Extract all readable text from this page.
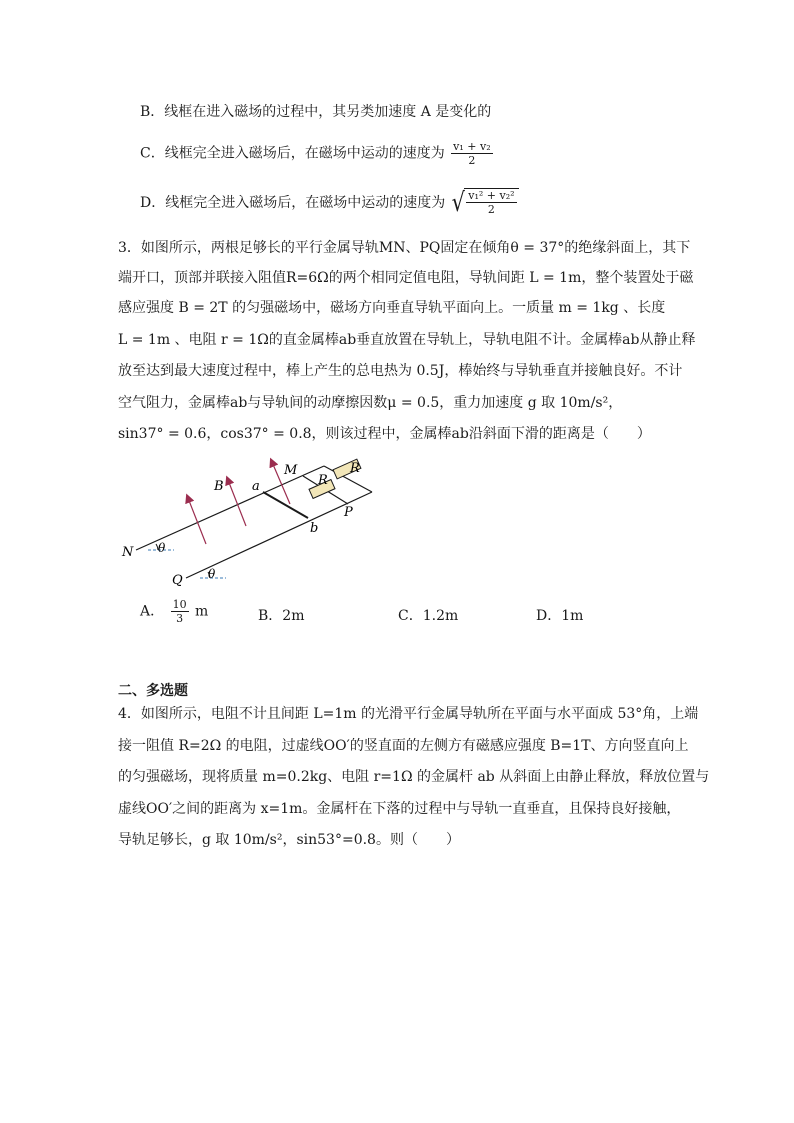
B．线框在进入磁场的过程中，其另类加速度 A 是变化的
C．线框完全进入磁场后，在磁场中运动的速度为 $\frac{\text{v₁ + v₂}}{2}$
D．线框完全进入磁场后，在磁场中运动的速度为 √ $\frac{\text{v₁² + v₂²}}{2}$
3．如图所示，两根足够长的平行金属导轨MN、PQ固定在倾角θ = 37°的绝缘斜面上，其下
端开口，顶部并联接入阻值R=6Ω的两个相同定值电阻，导轨间距 L = 1m，整个装置处于磁
感应强度 B = 2T 的匀强磁场中，磁场方向垂直导轨平面向上。一质量 m = 1kg 、长度
L = 1m 、电阻 r = 1Ω的直金属棒ab垂直放置在导轨上，导轨电阻不计。金属棒ab从静止释
放至达到最大速度过程中，棒上产生的总电热为 0.5J，棒始终与导轨垂直并接触良好。不计
空气阻力，金属棒ab与导轨间的动摩擦因数μ = 0.5，重力加速度 g 取 10m/s²，
sin37° = 0.6，cos37° = 0.8，则该过程中，金属棒ab沿斜面下滑的距离是（　　）
N
Q
M
P
a
b
B
R
R
θ
θ
A． $\frac{10}{3}$ m	B．2m	C．1.2m	D．1m
二、多选题
4．如图所示，电阻不计且间距 L=1m 的光滑平行金属导轨所在平面与水平面成 53°角，上端
接一阻值 R=2Ω 的电阻，过虚线OO′的竖直面的左侧方有磁感应强度 B=1T、方向竖直向上
的匀强磁场，现将质量 m=0.2kg、电阻 r=1Ω 的金属杆 ab 从斜面上由静止释放，释放位置与
虚线OO′之间的距离为 x=1m。金属杆在下落的过程中与导轨一直垂直，且保持良好接触，
导轨足够长，g 取 10m/s²，sin53°=0.8。则（　　）
